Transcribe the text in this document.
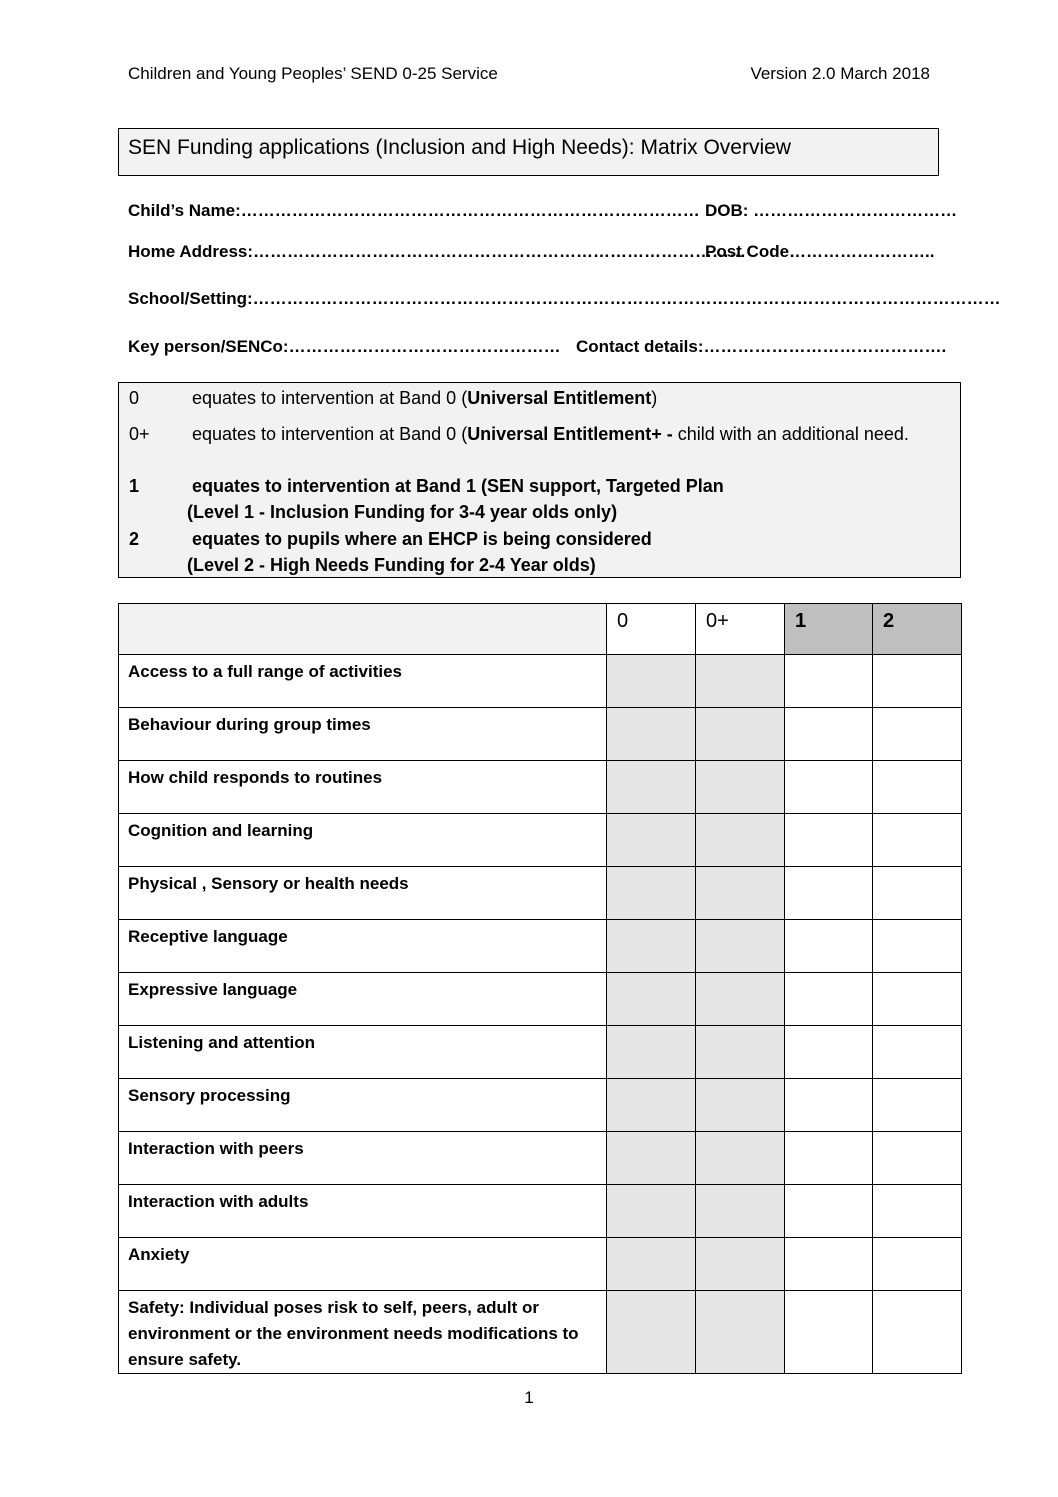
Children and Young Peoples’ SEND 0-25 Service	Version 2.0 March 2018
SEN Funding applications (Inclusion and High Needs): Matrix Overview
Child’s Name:……………………………………………………………………… DOB: ………………………………
Home Address:……………………………………………………………………………
Post Code……………………..
School/Setting:……………………………………………………………………………………………………………………
Key person/SENCo:………………………………………… Contact details:…………………………………….
0	equates to intervention at Band 0 (Universal Entitlement)
0+ equates to intervention at Band 0 (Universal Entitlement+ - child with an additional need.
1	equates to intervention at Band 1 (SEN support, Targeted Plan
(Level 1 - Inclusion Funding for 3-4 year olds only)
2	equates to pupils where an EHCP is being considered
(Level 2 - High Needs Funding for 2-4 Year olds)
	0	0+	1	2
Access to a full range of activities				
Behaviour during group times				
How child responds to routines				
Cognition and learning				
Physical , Sensory or health needs				
Receptive language				
Expressive language				
Listening and attention				
Sensory processing				
Interaction with peers				
Interaction with adults				
Anxiety				
Safety: Individual poses risk to self, peers, adult or environment or the environment needs modifications to ensure safety.				
1
